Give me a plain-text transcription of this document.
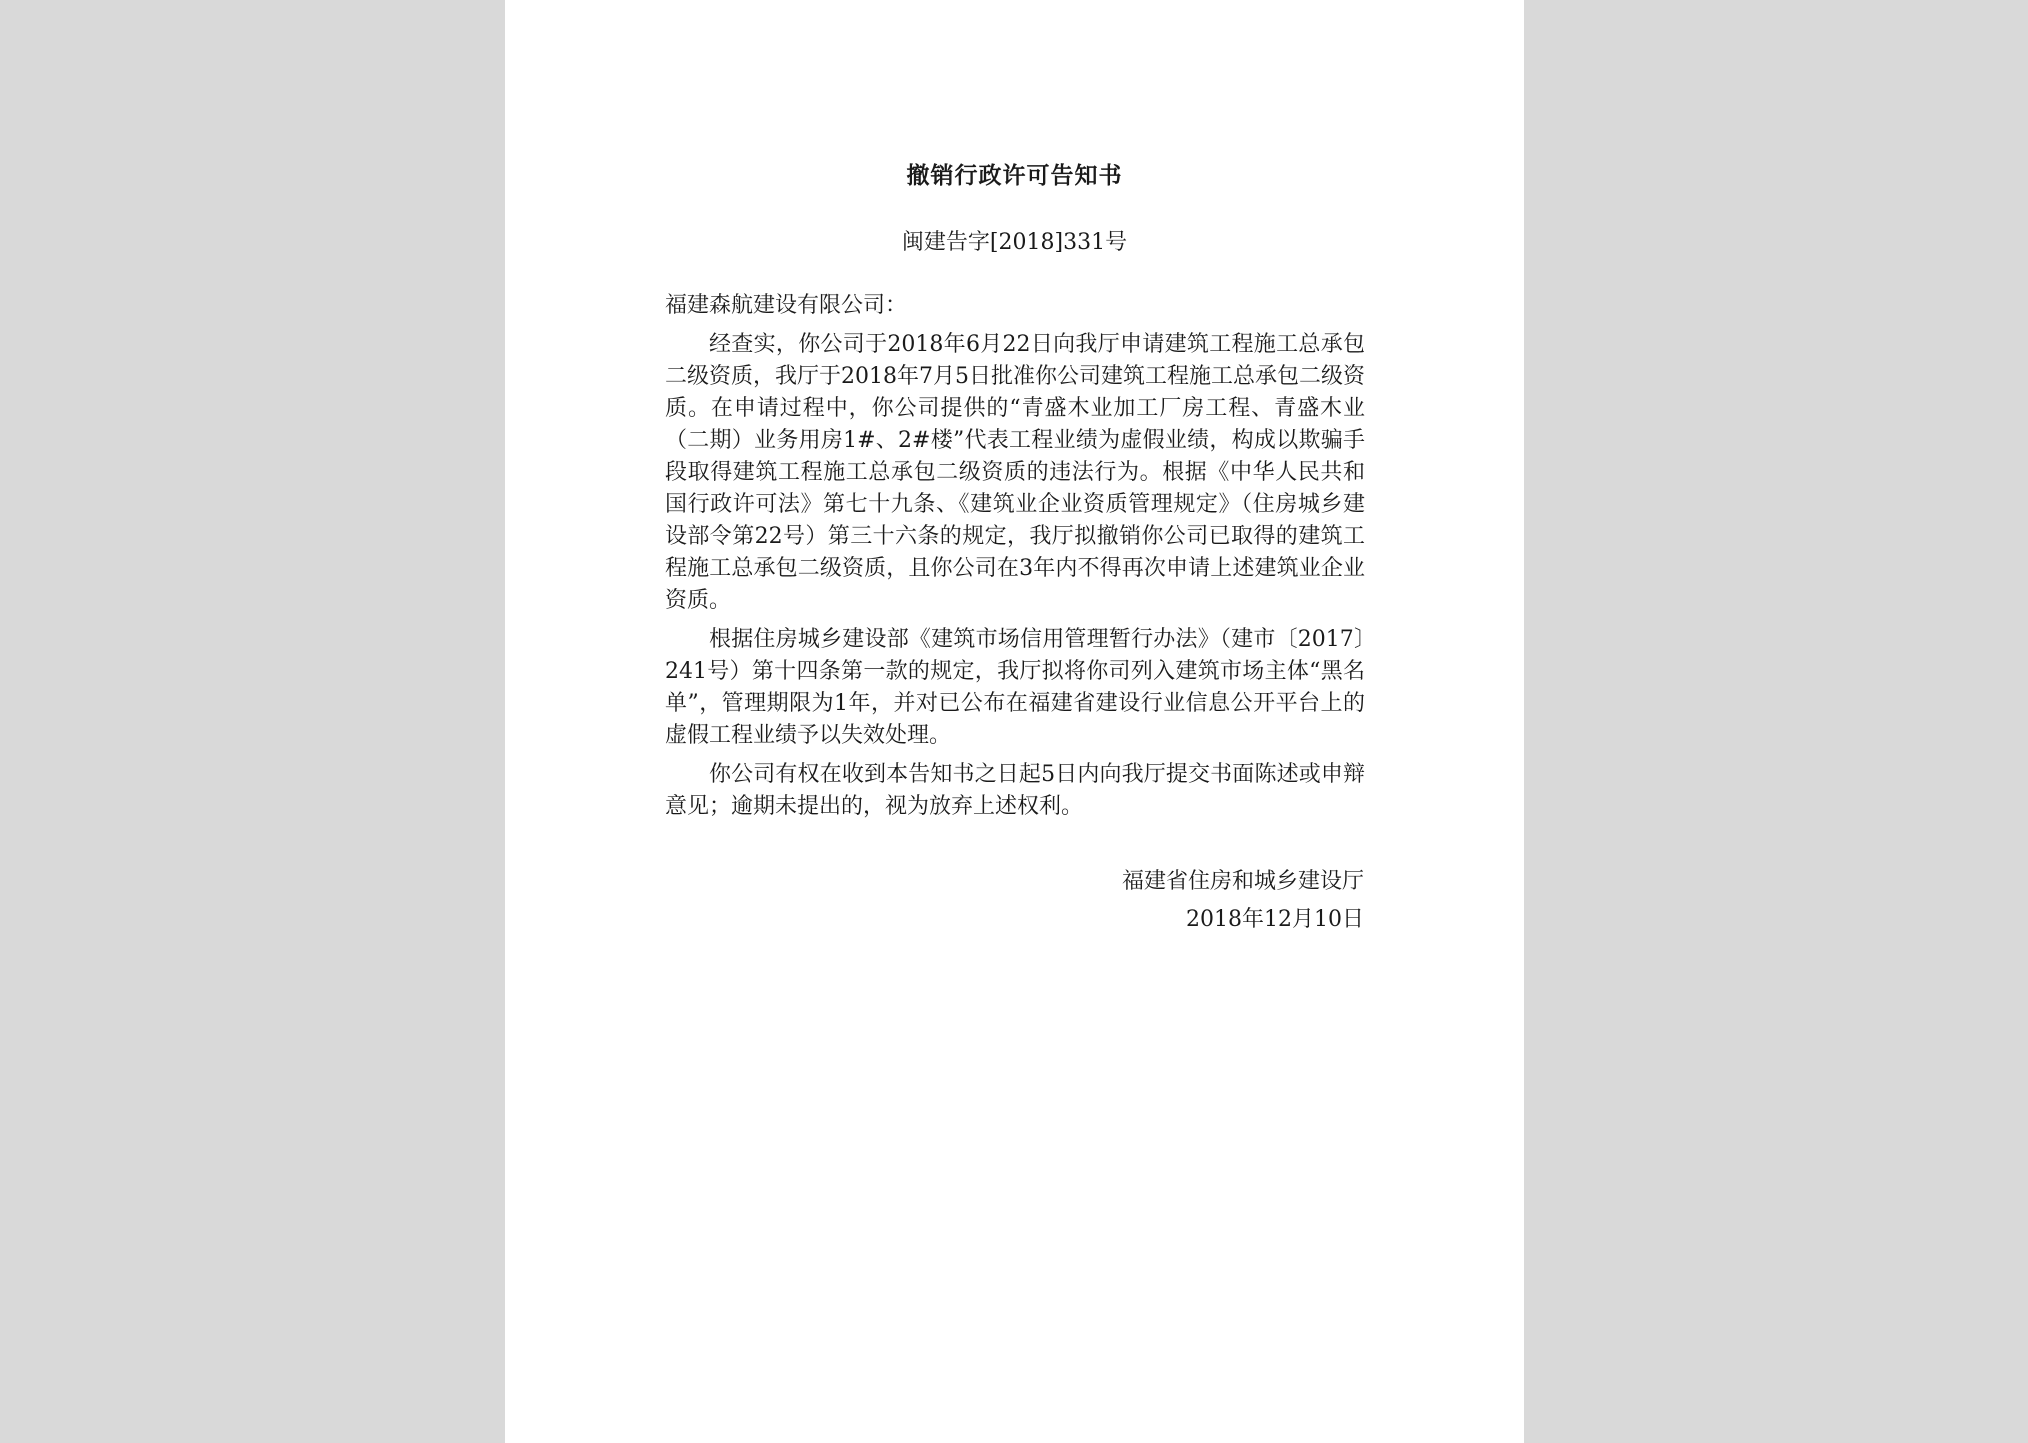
撤销行政许可告知书
闽建告字[2018]331号

福建森航建设有限公司：

经查实，你公司于2018年6月22日向我厅申请建筑工程施工总承包二级资质，我厅于2018年7月5日批准你公司建筑工程施工总承包二级资质。在申请过程中，你公司提供的“青盛木业加工厂房工程、青盛木业（二期）业务用房1#、2#楼”代表工程业绩为虚假业绩，构成以欺骗手段取得建筑工程施工总承包二级资质的违法行为。根据《中华人民共和国行政许可法》第七十九条、《建筑业企业资质管理规定》（住房城乡建设部令第22号）第三十六条的规定，我厅拟撤销你公司已取得的建筑工程施工总承包二级资质，且你公司在3年内不得再次申请上述建筑业企业资质。

根据住房城乡建设部《建筑市场信用管理暂行办法》（建市〔2017〕241号）第十四条第一款的规定，我厅拟将你司列入建筑市场主体“黑名单”，管理期限为1年，并对已公布在福建省建设行业信息公开平台上的虚假工程业绩予以失效处理。

你公司有权在收到本告知书之日起5日内向我厅提交书面陈述或申辩意见；逾期未提出的，视为放弃上述权利。

福建省住房和城乡建设厅
2018年12月10日
